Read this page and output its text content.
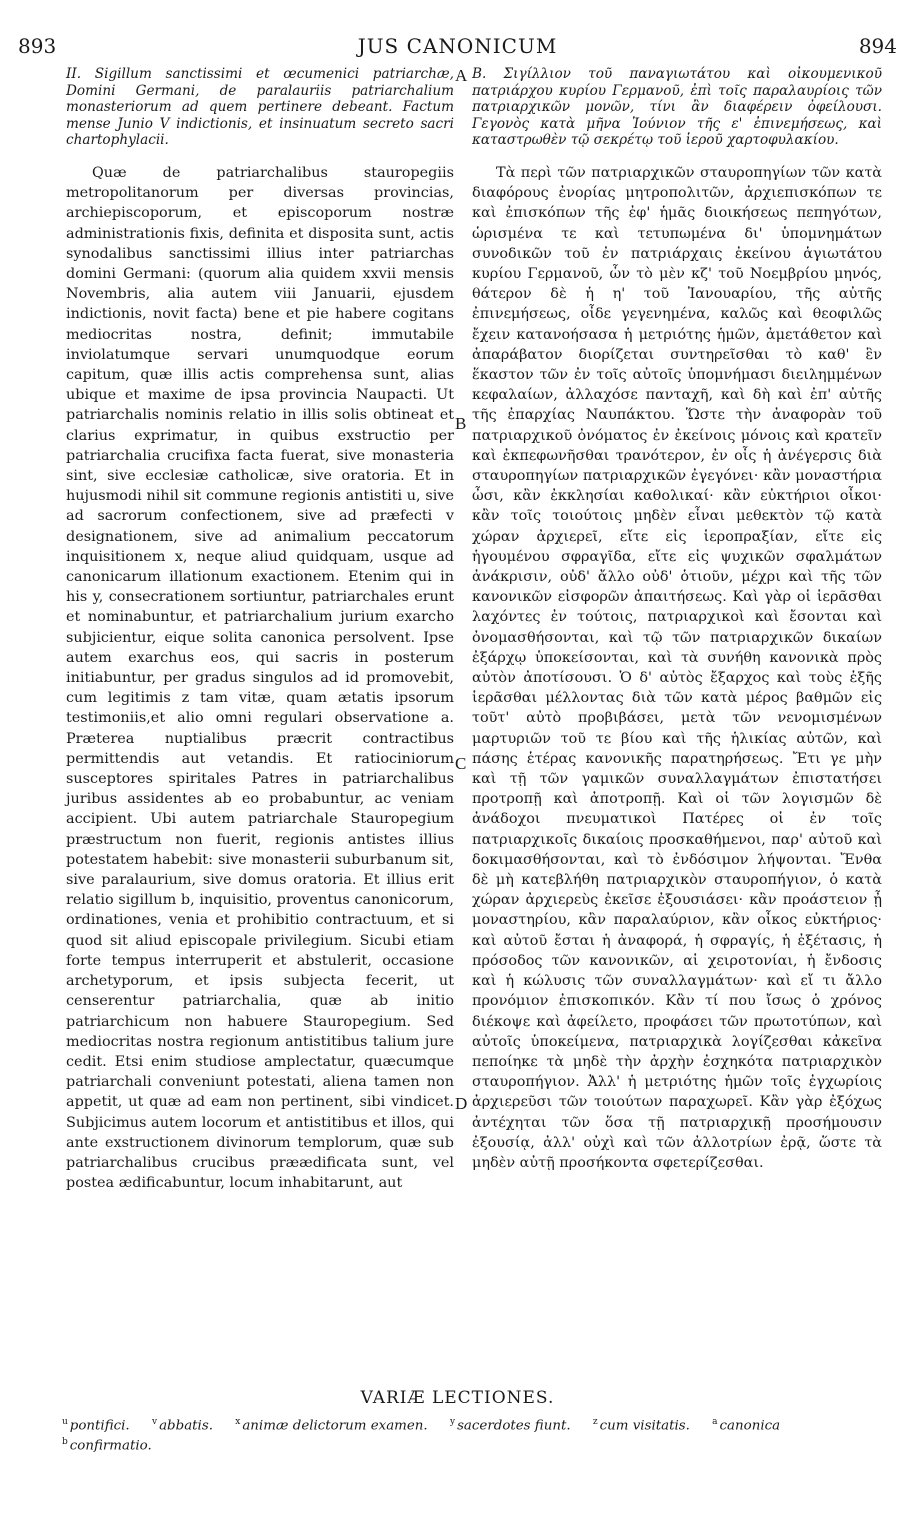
893	JUS CANONICUM	894
II. Sigillum sanctissimi et œcumenici patriarchæ, Domini Germani, de paralauriis patriarchalium monasteriorum ad quem pertinere debeant. Factum mense Junio V indictionis, et insinuatum secreto sacri chartophylacii.
Quæ de patriarchalibus stauropegiis metropolitanorum per diversas provincias, archiepiscoporum, et episcoporum nostræ administrationis fixis, definita et disposita sunt, actis synodalibus sanctissimi illius inter patriarchas domini Germani: (quorum alia quidem xxvii mensis Novembris, alia autem viii Januarii, ejusdem indictionis, novit facta) bene et pie habere cogitans mediocritas nostra, definit; immutabile inviolatumque servari unumquodque eorum capitum, quæ illis actis comprehensa sunt, alias ubique et maxime de ipsa provincia Naupacti. Ut patriarchalis nominis relatio in illis solis obtineat et clarius exprimatur, in quibus exstructio per patriarchalia crucifixa facta fuerat, sive monasteria sint, sive ecclesiæ catholicæ, sive oratoria. Et in hujusmodi nihil sit commune regionis antistiti u, sive ad sacrorum confectionem, sive ad præfecti v designationem, sive ad animalium peccatorum inquisitionem x, neque aliud quidquam, usque ad canonicarum illationum exactionem. Etenim qui in his y, consecrationem sortiuntur, patriarchales erunt et nominabuntur, et patriarchalium jurium exarcho subjicientur, eique solita canonica persolvent. Ipse autem exarchus eos, qui sacris in posterum initiabuntur, per gradus singulos ad id promovebit, cum legitimis z tam vitæ, quam ætatis ipsorum testimoniis,et alio omni regulari observatione a. Præterea nuptialibus præcrit contractibus permittendis aut vetandis. Et ratiociniorum susceptores spiritales Patres in patriarchalibus juribus assidentes ab eo probabuntur, ac veniam accipient. Ubi autem patriarchale Stauropegium præstructum non fuerit, regionis antistes illius potestatem habebit: sive monasterii suburbanum sit, sive paralaurium, sive domus oratoria. Et illius erit relatio sigillum b, inquisitio, proventus canonicorum, ordinationes, venia et prohibitio contractuum, et si quod sit aliud episcopale privilegium. Sicubi etiam forte tempus interruperit et abstulerit, occasione archetyporum, et ipsis subjecta fecerit, ut censerentur patriarchalia, quæ ab initio patriarchicum non habuere Stauropegium. Sed mediocritas nostra regionum antistitibus talium jure cedit. Etsi enim studiose amplectatur, quæcumque patriarchali conveniunt potestati, aliena tamen non appetit, ut quæ ad eam non pertinent, sibi vindicet. Subjicimus autem locorum et antistitibus et illos, qui ante exstructionem divinorum templorum, quæ sub patriarchalibus crucibus præædificata sunt, vel postea ædificabuntur, locum inhabitarunt, aut
A
B
C
D
Β. Σιγίλλιον τοῦ παναγιωτάτου καὶ οἰκουμενικοῦ πατριάρχου κυρίου Γερμανοῦ, ἐπὶ τοῖς παραλαυρίοις τῶν πατριαρχικῶν μονῶν, τίνι ἂν διαφέρειν ὀφείλουσι. Γεγονὸς κατὰ μῆνα Ἰούνιον τῆς ε' ἐπινεμήσεως, καὶ καταστρωθὲν τῷ σεκρέτῳ τοῦ ἱεροῦ χαρτοφυλακίου.
Τὰ περὶ τῶν πατριαρχικῶν σταυροπηγίων τῶν κατὰ διαφόρους ἐνορίας μητροπολιτῶν, ἀρχιεπισκόπων τε καὶ ἐπισκόπων τῆς ἐφ' ἡμᾶς διοικήσεως πεπηγότων, ὡρισμένα τε καὶ τετυπωμένα δι' ὑπομνημάτων συνοδικῶν τοῦ ἐν πατριάρχαις ἐκείνου ἁγιωτάτου κυρίου Γερμανοῦ, ὧν τὸ μὲν κζ' τοῦ Νοεμβρίου μηνός, θάτερον δὲ ἡ η' τοῦ Ἰανουαρίου, τῆς αὐτῆς ἐπινεμήσεως, οἶδε γεγενημένα, καλῶς καὶ θεοφιλῶς ἔχειν κατανοήσασα ἡ μετριότης ἡμῶν, ἀμετάθετον καὶ ἀπαράβατον διορίζεται συντηρεῖσθαι τὸ καθ' ἓν ἕκαστον τῶν ἐν τοῖς αὐτοῖς ὑπομνήμασι διειλημμένων κεφαλαίων, ἀλλαχόσε πανταχῆ, καὶ δὴ καὶ ἐπ' αὐτῆς τῆς ἐπαρχίας Ναυπάκτου. Ὥστε τὴν ἀναφορὰν τοῦ πατριαρχικοῦ ὀνόματος ἐν ἐκείνοις μόνοις καὶ κρατεῖν καὶ ἐκπεφωνῆσθαι τρανότερον, ἐν οἷς ἡ ἀνέγερσις διὰ σταυροπηγίων πατριαρχικῶν ἐγεγόνει· κἂν μοναστήρια ὦσι, κἂν ἐκκλησίαι καθολικαί· κἂν εὐκτήριοι οἶκοι· κἂν τοῖς τοιούτοις μηδὲν εἶναι μεθεκτὸν τῷ κατὰ χώραν ἀρχιερεῖ, εἴτε εἰς ἱεροπραξίαν, εἴτε εἰς ἡγουμένου σφραγῖδα, εἴτε εἰς ψυχικῶν σφαλμάτων ἀνάκρισιν, οὐδ' ἄλλο οὐδ' ὁτιοῦν, μέχρι καὶ τῆς τῶν κανονικῶν εἰσφορῶν ἀπαιτήσεως. Καὶ γὰρ οἱ ἱερᾶσθαι λαχόντες ἐν τούτοις, πατριαρχικοὶ καὶ ἔσονται καὶ ὀνομασθήσονται, καὶ τῷ τῶν πατριαρχικῶν δικαίων ἐξάρχῳ ὑποκείσονται, καὶ τὰ συνήθη κανονικὰ πρὸς αὐτὸν ἀποτίσουσι. Ὁ δ' αὐτὸς ἔξαρχος καὶ τοὺς ἑξῆς ἱερᾶσθαι μέλλοντας διὰ τῶν κατὰ μέρος βαθμῶν εἰς τοῦτ' αὐτὸ προβιβάσει, μετὰ τῶν νενομισμένων μαρτυριῶν τοῦ τε βίου καὶ τῆς ἡλικίας αὐτῶν, καὶ πάσης ἑτέρας κανονικῆς παρατηρήσεως. Ἔτι γε μὴν καὶ τῇ τῶν γαμικῶν συναλλαγμάτων ἐπιστατήσει προτροπῇ καὶ ἀποτροπῇ. Καὶ οἱ τῶν λογισμῶν δὲ ἀνάδοχοι πνευματικοὶ Πατέρες οἱ ἐν τοῖς πατριαρχικοῖς δικαίοις προσκαθήμενοι, παρ' αὐτοῦ καὶ δοκιμασθήσονται, καὶ τὸ ἐνδόσιμον λήψονται. Ἔνθα δὲ μὴ κατεβλήθη πατριαρχικὸν σταυροπήγιον, ὁ κατὰ χώραν ἀρχιερεὺς ἐκεῖσε ἐξουσιάσει· κἂν προάστειον ᾖ μοναστηρίου, κἂν παραλαύριον, κἂν οἶκος εὐκτήριος· καὶ αὐτοῦ ἔσται ἡ ἀναφορά, ἡ σφραγίς, ἡ ἐξέτασις, ἡ πρόσοδος τῶν κανονικῶν, αἱ χειροτονίαι, ἡ ἔνδοσις καὶ ἡ κώλυσις τῶν συναλλαγμάτων· καὶ εἴ τι ἄλλο προνόμιον ἐπισκοπικόν. Κἂν τί που ἴσως ὁ χρόνος διέκοψε καὶ ἀφείλετο, προφάσει τῶν πρωτοτύπων, καὶ αὐτοῖς ὑποκείμενα, πατριαρχικὰ λογίζεσθαι κἀκεῖνα πεποίηκε τὰ μηδὲ τὴν ἀρχὴν ἐσχηκότα πατριαρχικὸν σταυροπήγιον. Ἀλλ' ἡ μετριότης ἡμῶν τοῖς ἐγχωρίοις ἀρχιερεῦσι τῶν τοιούτων παραχωρεῖ. Κἂν γὰρ ἐξόχως ἀντέχηται τῶν ὅσα τῇ πατριαρχικῇ προσήμουσιν ἐξουσίᾳ, ἀλλ' οὐχὶ καὶ τῶν ἀλλοτρίων ἐρᾷ, ὥστε τὰ μηδὲν αὐτῇ προσήκοντα σφετερίζεσθαι.
VARIÆ LECTIONES.
$^u$ pontifici. $^v$ abbatis. $^x$ animæ delictorum examen. $^y$ sacerdotes fiunt. $^z$ cum visitatis. $^a$ canonica
$^b$ confirmatio.
